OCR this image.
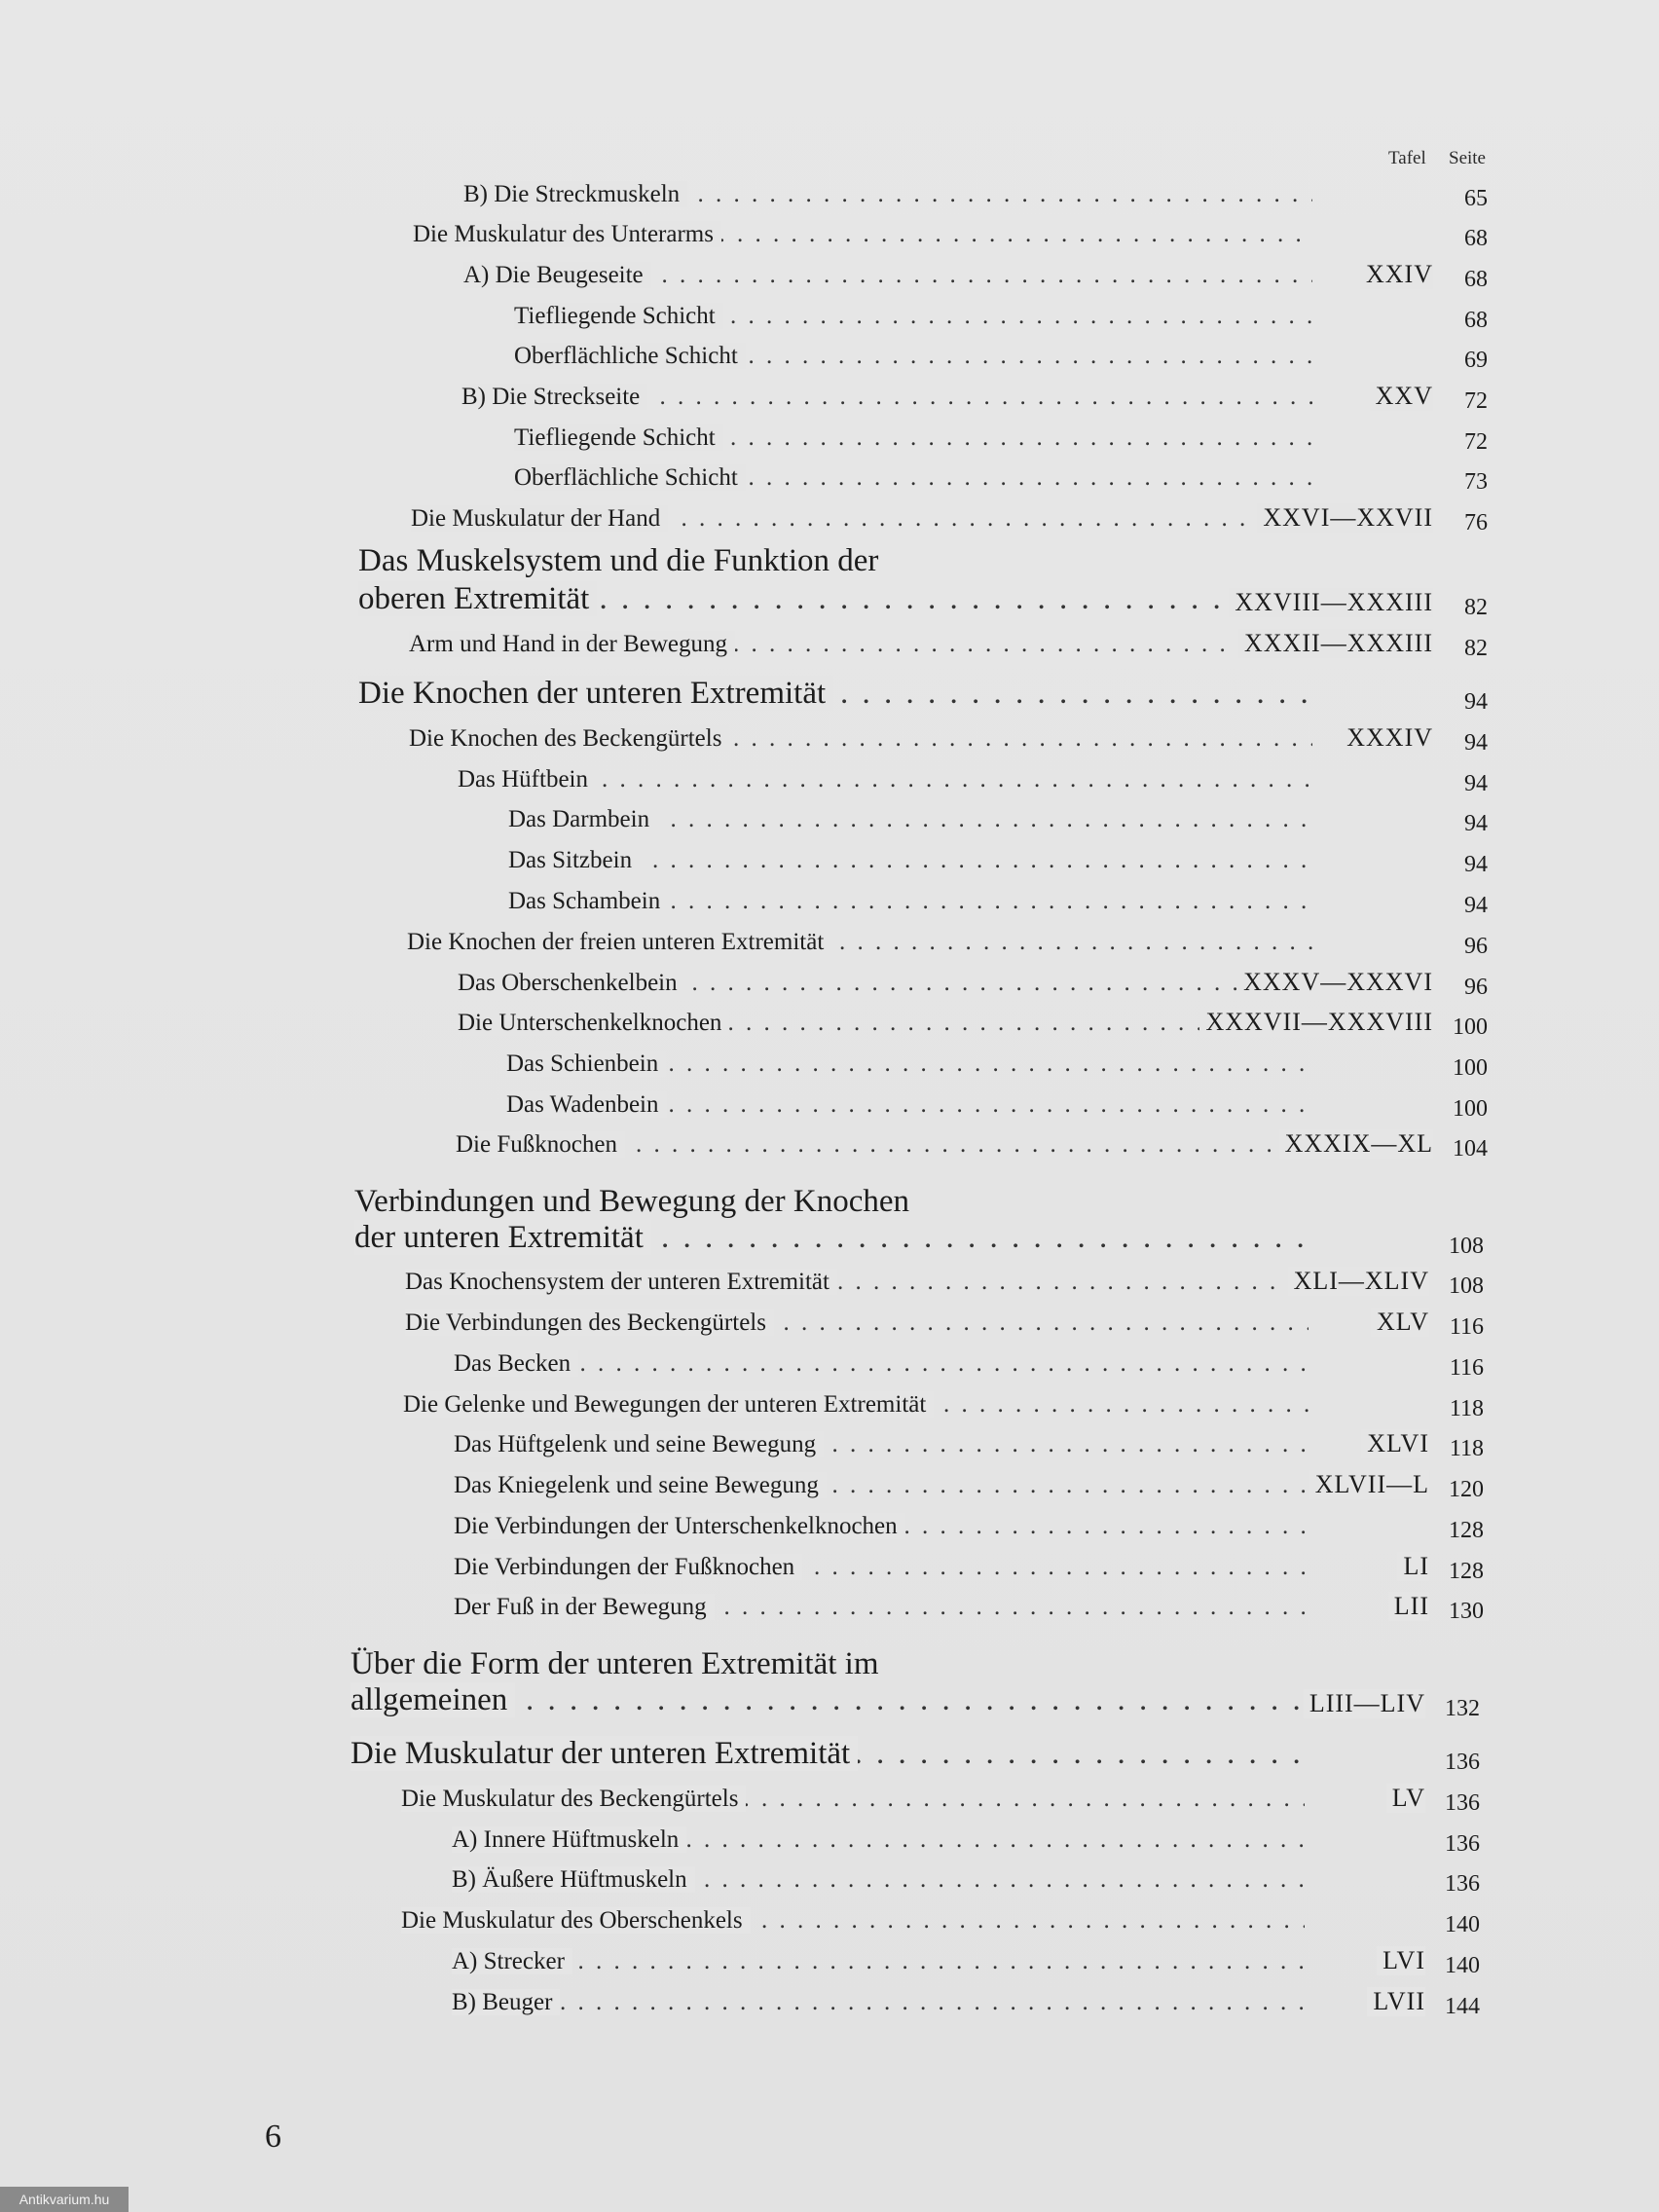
Tafel Seite
B) Die Streckmuskeln . . .	65
Die Muskulatur des Unterarms . . .	68
A) Die Beugeseite . . .	XXIV	68
Tiefliegende Schicht . . .	68
Oberflächliche Schicht . . .	69
B) Die Streckseite . . .	XXV	72
Tiefliegende Schicht . . .	72
Oberflächliche Schicht . . .	73
Die Muskulatur der Hand . . .	XXVI—XXVII	76
Das Muskelsystem und die Funktion der
oberen Extremität . . .	XXVIII—XXXIII	82
Arm und Hand in der Bewegung . . .	XXXII—XXXIII	82
Die Knochen der unteren Extremität . . .	94
Die Knochen des Beckengürtels . . .	XXXIV	94
Das Hüftbein . . .	94
Das Darmbein . . .	94
Das Sitzbein . . .	94
Das Schambein . . .	94
Die Knochen der freien unteren Extremität . . .	96
Das Oberschenkelbein . . .	XXXV—XXXVI	96
Die Unterschenkelknochen . . .	XXXVII—XXXVIII 100
Das Schienbein . . .	100
Das Wadenbein . . .	100
Die Fußknochen . . .	XXXIX—XL 104
Verbindungen und Bewegung der Knochen
der unteren Extremität . . .	108
Das Knochensystem der unteren Extremität . . .	XLI—XLIV 108
Die Verbindungen des Beckengürtels . . .	XLV 116
Das Becken . . .	116
Die Gelenke und Bewegungen der unteren Extremität . . .	118
Das Hüftgelenk und seine Bewegung . . .	XLVI 118
Das Kniegelenk und seine Bewegung . . .	XLVII—L 120
Die Verbindungen der Unterschenkelknochen . . .	128
Die Verbindungen der Fußknochen . . .	LI 128
Der Fuß in der Bewegung . . .	LII 130
Über die Form der unteren Extremität im
allgemeinen . . .	LIII—LIV 132
Die Muskulatur der unteren Extremität . . .	136
Die Muskulatur des Beckengürtels . . .	LV 136
A) Innere Hüftmuskeln . . .	136
B) Äußere Hüftmuskeln . . .	136
Die Muskulatur des Oberschenkels . . .	140
A) Strecker . . .	LVI 140
B) Beuger . . .	LVII 144
6
Antikvarium.hu
